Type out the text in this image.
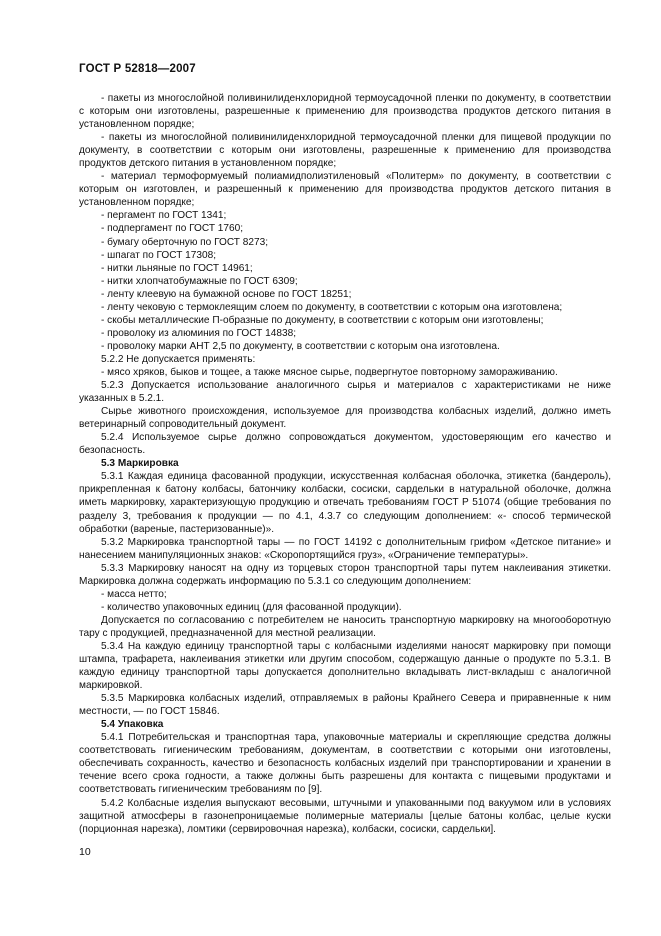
ГОСТ Р 52818—2007

- пакеты из многослойной поливинилиденхлоридной термоусадочной пленки по документу, в соответствии с которым они изготовлены, разрешенные к применению для производства продуктов детского питания в установленном порядке;

- пакеты из многослойной поливинилиденхлоридной термоусадочной пленки для пищевой продукции по документу, в соответствии с которым они изготовлены, разрешенные к применению для производства продуктов детского питания в установленном порядке;

- материал термоформуемый полиамидполиэтиленовый «Политерм» по документу, в соответствии с которым он изготовлен, и разрешенный к применению для производства продуктов детского питания в установленном порядке;

- пергамент по ГОСТ 1341;

- подпергамент по ГОСТ 1760;

- бумагу оберточную по ГОСТ 8273;

- шпагат по ГОСТ 17308;

- нитки льняные по ГОСТ 14961;

- нитки хлопчатобумажные по ГОСТ 6309;

- ленту клеевую на бумажной основе по ГОСТ 18251;

- ленту чековую с термоклеящим слоем по документу, в соответствии с которым она изготовлена;

- скобы металлические П-образные по документу, в соответствии с которым они изготовлены;

- проволоку из алюминия по ГОСТ 14838;

- проволоку марки АНТ 2,5 по документу, в соответствии с которым она изготовлена.

5.2.2 Не допускается применять:

- мясо хряков, быков и тощее, а также мясное сырье, подвергнутое повторному замораживанию.

5.2.3 Допускается использование аналогичного сырья и материалов с характеристиками не ниже указанных в 5.2.1.

Сырье животного происхождения, используемое для производства колбасных изделий, должно иметь ветеринарный сопроводительный документ.

5.2.4 Используемое сырье должно сопровождаться документом, удостоверяющим его качество и безопасность.

5.3 Маркировка

5.3.1 Каждая единица фасованной продукции, искусственная колбасная оболочка, этикетка (бандероль), прикрепленная к батону колбасы, батончику колбаски, сосиски, сардельки в натуральной оболочке, должна иметь маркировку, характеризующую продукцию и отвечать требованиям ГОСТ Р 51074 (общие требования по разделу 3, требования к продукции — по 4.1, 4.3.7 со следующим дополнением: «- способ термической обработки (вареные, пастеризованные)».

5.3.2 Маркировка транспортной тары — по ГОСТ 14192 с дополнительным грифом «Детское питание» и нанесением манипуляционных знаков: «Скоропортящийся груз», «Ограничение температуры».

5.3.3 Маркировку наносят на одну из торцевых сторон транспортной тары путем наклеивания этикетки. Маркировка должна содержать информацию по 5.3.1 со следующим дополнением:

- масса нетто;

- количество упаковочных единиц (для фасованной продукции).

Допускается по согласованию с потребителем не наносить транспортную маркировку на многооборотную тару с продукцией, предназначенной для местной реализации.

5.3.4 На каждую единицу транспортной тары с колбасными изделиями наносят маркировку при помощи штампа, трафарета, наклеивания этикетки или другим способом, содержащую данные о продукте по 5.3.1. В каждую единицу транспортной тары допускается дополнительно вкладывать лист-вкладыш с аналогичной маркировкой.

5.3.5 Маркировка колбасных изделий, отправляемых в районы Крайнего Севера и приравненные к ним местности, — по ГОСТ 15846.

5.4 Упаковка

5.4.1 Потребительская и транспортная тара, упаковочные материалы и скрепляющие средства должны соответствовать гигиеническим требованиям, документам, в соответствии с которыми они изготовлены, обеспечивать сохранность, качество и безопасность колбасных изделий при транспортировании и хранении в течение всего срока годности, а также должны быть разрешены для контакта с пищевыми продуктами и соответствовать гигиеническим требованиям по [9].

5.4.2 Колбасные изделия выпускают весовыми, штучными и упакованными под вакуумом или в условиях защитной атмосферы в газонепроницаемые полимерные материалы [целые батоны колбас, целые куски (порционная нарезка), ломтики (сервировочная нарезка), колбаски, сосиски, сардельки].

10
